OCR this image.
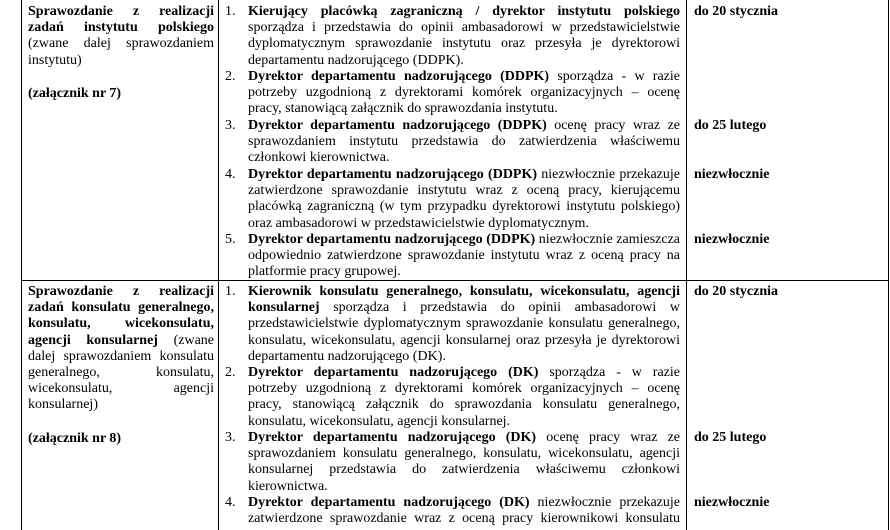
Sprawozdanie z realizacji zadań instytutu polskiego (zwane dalej sprawozdaniem instytutu)
(załącznik nr 7)
1. Kierujący placówką zagraniczną / dyrektor instytutu polskiego sporządza i przedstawia do opinii ambasadorowi w przedstawicielstwie dyplomatycznym sprawozdanie instytutu oraz przesyła je dyrektorowi departamentu nadzorującego (DDPK).
2. Dyrektor departamentu nadzorującego (DDPK) sporządza - w razie potrzeby uzgodnioną z dyrektorami komórek organizacyjnych – ocenę pracy, stanowiącą załącznik do sprawozdania instytutu.
3. Dyrektor departamentu nadzorującego (DDPK) ocenę pracy wraz ze sprawozdaniem instytutu przedstawia do zatwierdzenia właściwemu członkowi kierownictwa.
4. Dyrektor departamentu nadzorującego (DDPK) niezwłocznie przekazuje zatwierdzone sprawozdanie instytutu wraz z oceną pracy, kierującemu placówką zagraniczną (w tym przypadku dyrektorowi instytutu polskiego) oraz ambasadorowi w przedstawicielstwie dyplomatycznym.
5. Dyrektor departamentu nadzorującego (DDPK) niezwłocznie zamieszcza odpowiednio zatwierdzone sprawozdanie instytutu wraz z oceną pracy na platformie pracy grupowej.
do 20 stycznia
do 25 lutego
niezwłocznie
niezwłocznie
Sprawozdanie z realizacji zadań konsulatu generalnego, konsulatu, wicekonsulatu, agencji konsularnej (zwane dalej sprawozdaniem konsulatu generalnego, konsulatu, wicekonsulatu, agencji konsularnej)
(załącznik nr 8)
1. Kierownik konsulatu generalnego, konsulatu, wicekonsulatu, agencji konsularnej sporządza i przedstawia do opinii ambasadorowi w przedstawicielstwie dyplomatycznym sprawozdanie konsulatu generalnego, konsulatu, wicekonsulatu, agencji konsularnej oraz przesyła je dyrektorowi departamentu nadzorującego (DK).
2. Dyrektor departamentu nadzorującego (DK) sporządza - w razie potrzeby uzgodnioną z dyrektorami komórek organizacyjnych – ocenę pracy, stanowiącą załącznik do sprawozdania konsulatu generalnego, konsulatu, wicekonsulatu, agencji konsularnej.
3. Dyrektor departamentu nadzorującego (DK) ocenę pracy wraz ze sprawozdaniem konsulatu generalnego, konsulatu, wicekonsulatu, agencji konsularnej przedstawia do zatwierdzenia właściwemu członkowi kierownictwa.
4. Dyrektor departamentu nadzorującego (DK) niezwłocznie przekazuje zatwierdzone sprawozdanie wraz z oceną pracy kierownikowi konsulatu
do 20 stycznia
do 25 lutego
niezwłocznie
